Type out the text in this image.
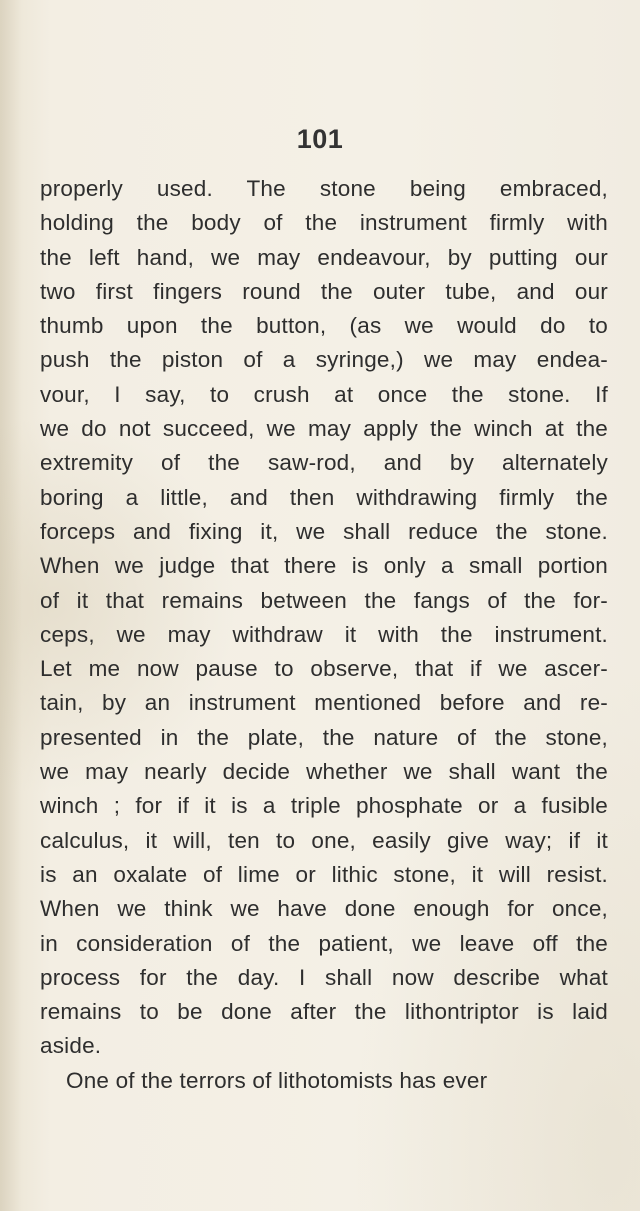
101
properly used. The stone being embraced,
holding the body of the instrument firmly with
the left hand, we may endeavour, by putting our
two first fingers round the outer tube, and our
thumb upon the button, (as we would do to
push the piston of a syringe,) we may endea-
vour, I say, to crush at once the stone. If
we do not succeed, we may apply the winch at the
extremity of the saw-rod, and by alternately
boring a little, and then withdrawing firmly the
forceps and fixing it, we shall reduce the stone.
When we judge that there is only a small portion
of it that remains between the fangs of the for-
ceps, we may withdraw it with the instrument.
Let me now pause to observe, that if we ascer-
tain, by an instrument mentioned before and re-
presented in the plate, the nature of the stone,
we may nearly decide whether we shall want the
winch ; for if it is a triple phosphate or a fusible
calculus, it will, ten to one, easily give way; if it
is an oxalate of lime or lithic stone, it will resist.
When we think we have done enough for once,
in consideration of the patient, we leave off the
process for the day. I shall now describe what
remains to be done after the lithontriptor is laid
aside.
One of the terrors of lithotomists has ever
